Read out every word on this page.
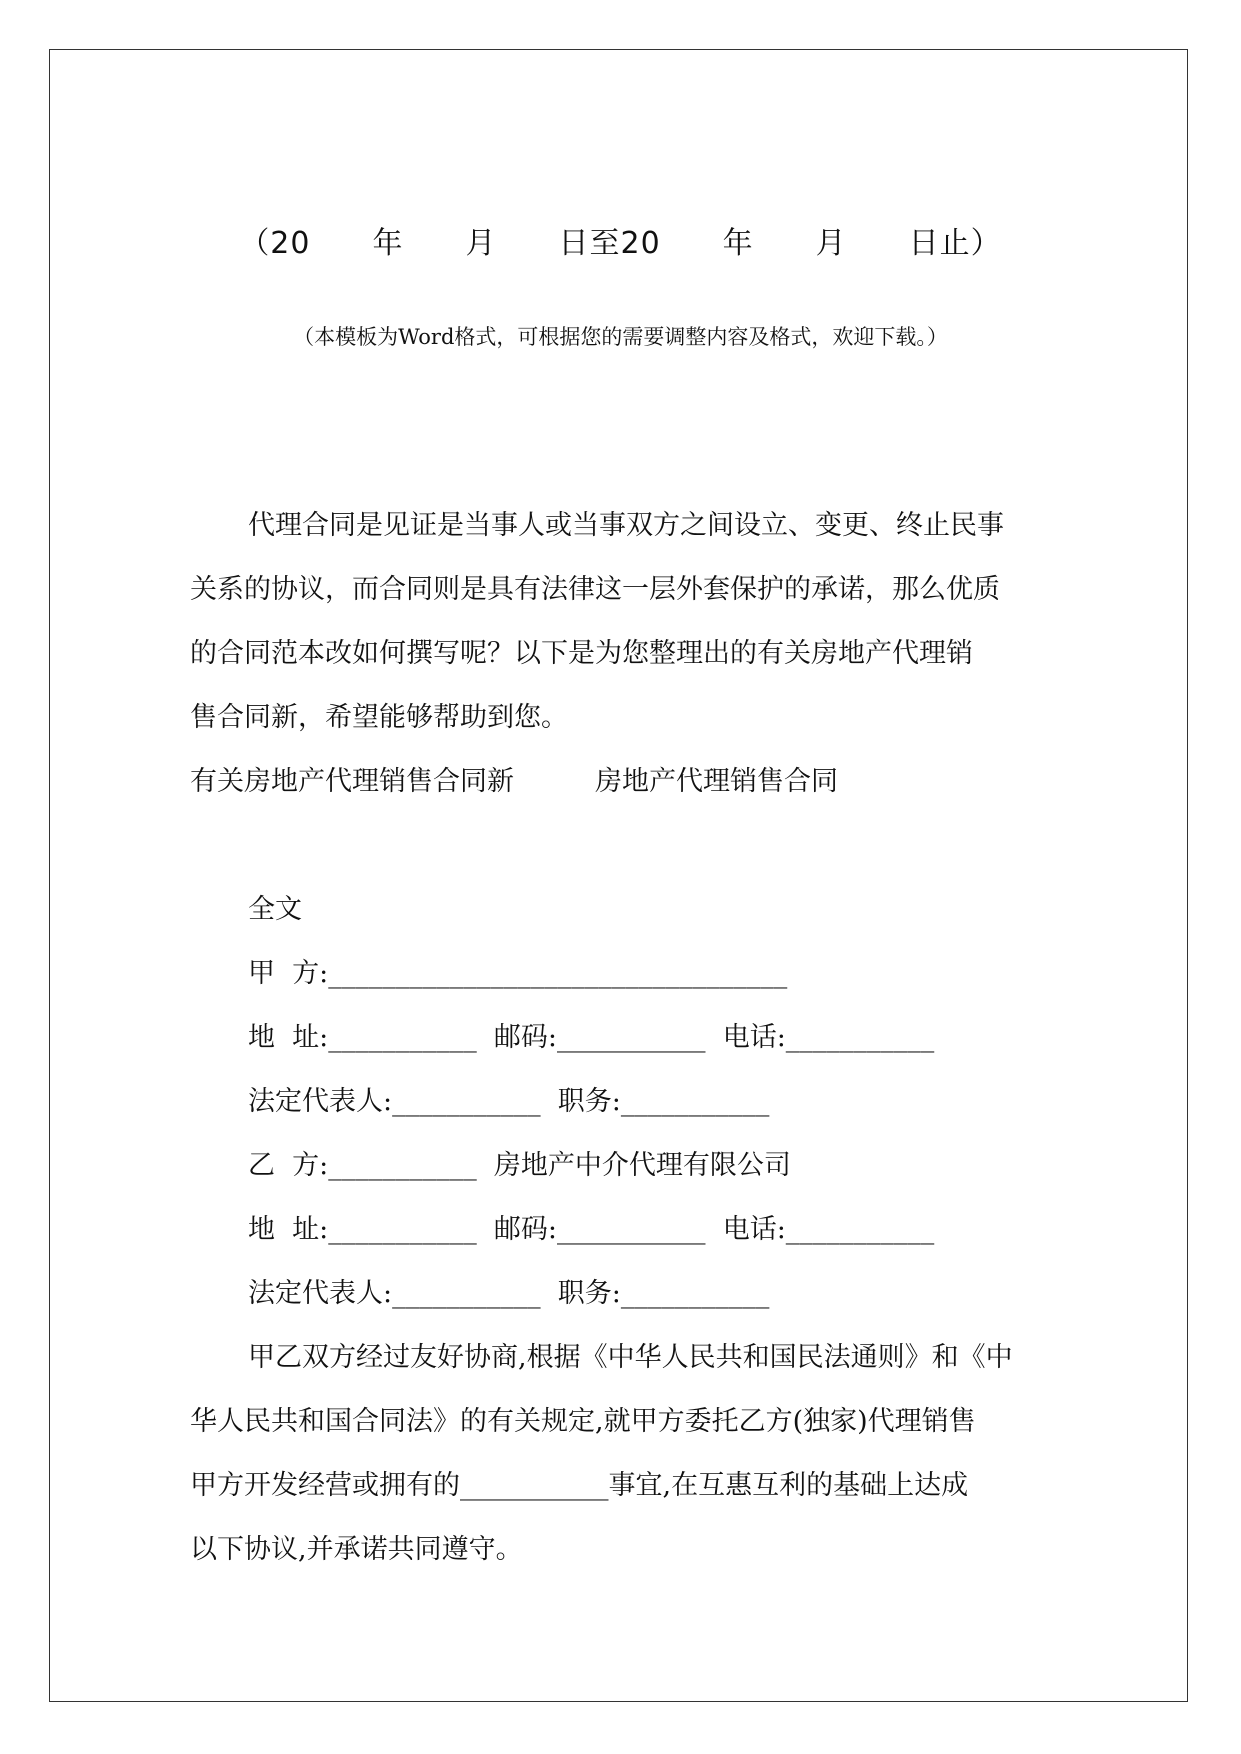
（20　　年　　月　　日至20　　年　　月　　日止）
（本模板为Word格式，可根据您的需要调整内容及格式，欢迎下载。）

代理合同是见证是当事人或当事双方之间设立、变更、终止民事

关系的协议，而合同则是具有法律这一层外套保护的承诺，那么优质

的合同范本改如何撰写呢？以下是为您整理出的有关房地产代理销

售合同新，希望能够帮助到您。

有关房地产代理销售合同新　　　房地产代理销售合同

全文

甲  方:__________________________________

地  址:___________  邮码:___________  电话:___________

法定代表人:___________  职务:___________

乙  方:___________  房地产中介代理有限公司

地  址:___________  邮码:___________  电话:___________

法定代表人:___________  职务:___________

甲乙双方经过友好协商,根据《中华人民共和国民法通则》和《中

华人民共和国合同法》的有关规定,就甲方委托乙方(独家)代理销售

甲方开发经营或拥有的___________事宜,在互惠互利的基础上达成

以下协议,并承诺共同遵守。
